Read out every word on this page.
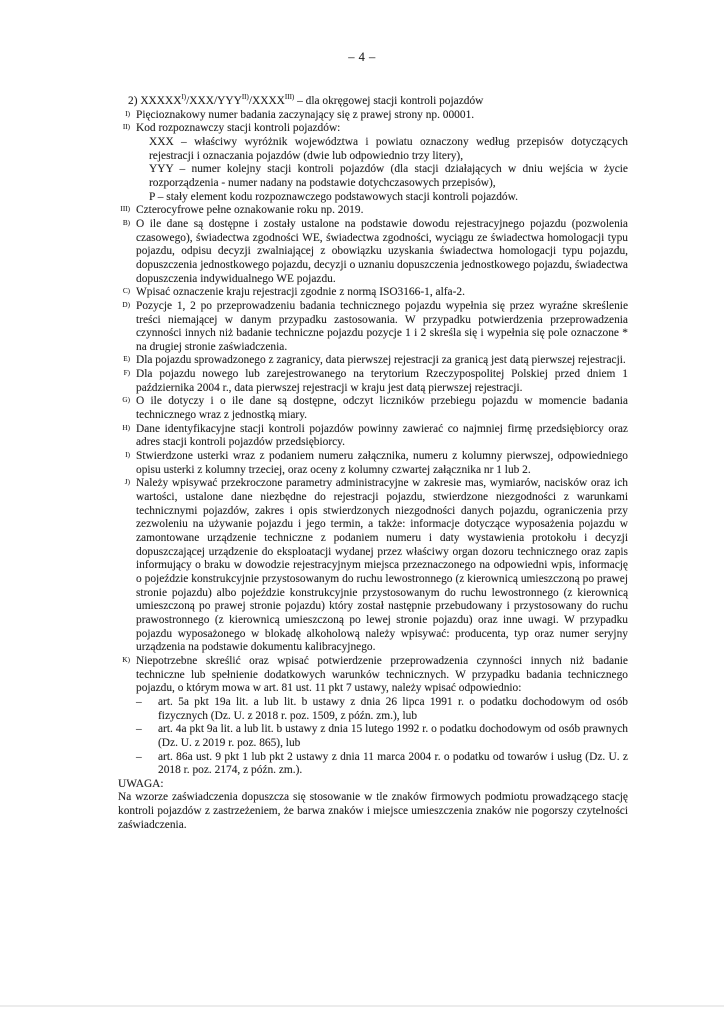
– 4 –
2) $XXXXX^{I)}/XXX/YYY^{II)}/XXXX^{III)}$ – dla okręgowej stacji kontroli pojazdów
I) Pięcioznakowy numer badania zaczynający się z prawej strony np. 00001.
II) Kod rozpoznawczy stacji kontroli pojazdów:
XXX – właściwy wyróżnik województwa i powiatu oznaczony według przepisów dotyczących rejestracji i oznaczania pojazdów (dwie lub odpowiednio trzy litery),
YYY – numer kolejny stacji kontroli pojazdów (dla stacji działających w dniu wejścia w życie rozporządzenia - numer nadany na podstawie dotychczasowych przepisów),
P – stały element kodu rozpoznawczego podstawowych stacji kontroli pojazdów.
III) Czterocyfrowe pełne oznakowanie roku np. 2019.
B) O ile dane są dostępne i zostały ustalone na podstawie dowodu rejestracyjnego pojazdu (pozwolenia czasowego), świadectwa zgodności WE, świadectwa zgodności, wyciągu ze świadectwa homologacji typu pojazdu, odpisu decyzji zwalniającej z obowiązku uzyskania świadectwa homologacji typu pojazdu, dopuszczenia jednostkowego pojazdu, decyzji o uznaniu dopuszczenia jednostkowego pojazdu, świadectwa dopuszczenia indywidualnego WE pojazdu.
C) Wpisać oznaczenie kraju rejestracji zgodnie z normą ISO3166-1, alfa-2.
D) Pozycje 1, 2 po przeprowadzeniu badania technicznego pojazdu wypełnia się przez wyraźne skreślenie treści niemającej w danym przypadku zastosowania. W przypadku potwierdzenia przeprowadzenia czynności innych niż badanie techniczne pojazdu pozycje 1 i 2 skreśla się i wypełnia się pole oznaczone * na drugiej stronie zaświadczenia.
E) Dla pojazdu sprowadzonego z zagranicy, data pierwszej rejestracji za granicą jest datą pierwszej rejestracji.
F) Dla pojazdu nowego lub zarejestrowanego na terytorium Rzeczypospolitej Polskiej przed dniem 1 października 2004 r., data pierwszej rejestracji w kraju jest datą pierwszej rejestracji.
G) O ile dotyczy i o ile dane są dostępne, odczyt liczników przebiegu pojazdu w momencie badania technicznego wraz z jednostką miary.
H) Dane identyfikacyjne stacji kontroli pojazdów powinny zawierać co najmniej firmę przedsiębiorcy oraz adres stacji kontroli pojazdów przedsiębiorcy.
I) Stwierdzone usterki wraz z podaniem numeru załącznika, numeru z kolumny pierwszej, odpowiedniego opisu usterki z kolumny trzeciej, oraz oceny z kolumny czwartej załącznika nr 1 lub 2.
J) Należy wpisywać przekroczone parametry administracyjne w zakresie mas, wymiarów, nacisków oraz ich wartości, ustalone dane niezbędne do rejestracji pojazdu, stwierdzone niezgodności z warunkami technicznymi pojazdów, zakres i opis stwierdzonych niezgodności danych pojazdu, ograniczenia przy zezwoleniu na używanie pojazdu i jego termin, a także: informacje dotyczące wyposażenia pojazdu w zamontowane urządzenie techniczne z podaniem numeru i daty wystawienia protokołu i decyzji dopuszczającej urządzenie do eksploatacji wydanej przez właściwy organ dozoru technicznego oraz zapis informujący o braku w dowodzie rejestracyjnym miejsca przeznaczonego na odpowiedni wpis, informację o pojeździe konstrukcyjnie przystosowanym do ruchu lewostronnego (z kierownicą umieszczoną po prawej stronie pojazdu) albo pojeździe konstrukcyjnie przystosowanym do ruchu lewostronnego (z kierownicą umieszczoną po prawej stronie pojazdu) który został następnie przebudowany i przystosowany do ruchu prawostronnego (z kierownicą umieszczoną po lewej stronie pojazdu) oraz inne uwagi. W przypadku pojazdu wyposażonego w blokadę alkoholową należy wpisywać: producenta, typ oraz numer seryjny urządzenia na podstawie dokumentu kalibracyjnego.
K) Niepotrzebne skreślić oraz wpisać potwierdzenie przeprowadzenia czynności innych niż badanie techniczne lub spełnienie dodatkowych warunków technicznych. W przypadku badania technicznego pojazdu, o którym mowa w art. 81 ust. 11 pkt 7 ustawy, należy wpisać odpowiednio:
–
art. 5a pkt 19a lit. a lub lit. b ustawy z dnia 26 lipca 1991 r. o podatku dochodowym od osób fizycznych (Dz. U. z 2018 r. poz. 1509, z późn. zm.), lub
–
art. 4a pkt 9a lit. a lub lit. b ustawy z dnia 15 lutego 1992 r. o podatku dochodowym od osób prawnych (Dz. U. z 2019 r. poz. 865), lub
–
art. 86a ust. 9 pkt 1 lub pkt 2 ustawy z dnia 11 marca 2004 r. o podatku od towarów i usług (Dz. U. z 2018 r. poz. 2174, z późn. zm.).
UWAGA:
Na wzorze zaświadczenia dopuszcza się stosowanie w tle znaków firmowych podmiotu prowadzącego stację kontroli pojazdów z zastrzeżeniem, że barwa znaków i miejsce umieszczenia znaków nie pogorszy czytelności zaświadczenia.
